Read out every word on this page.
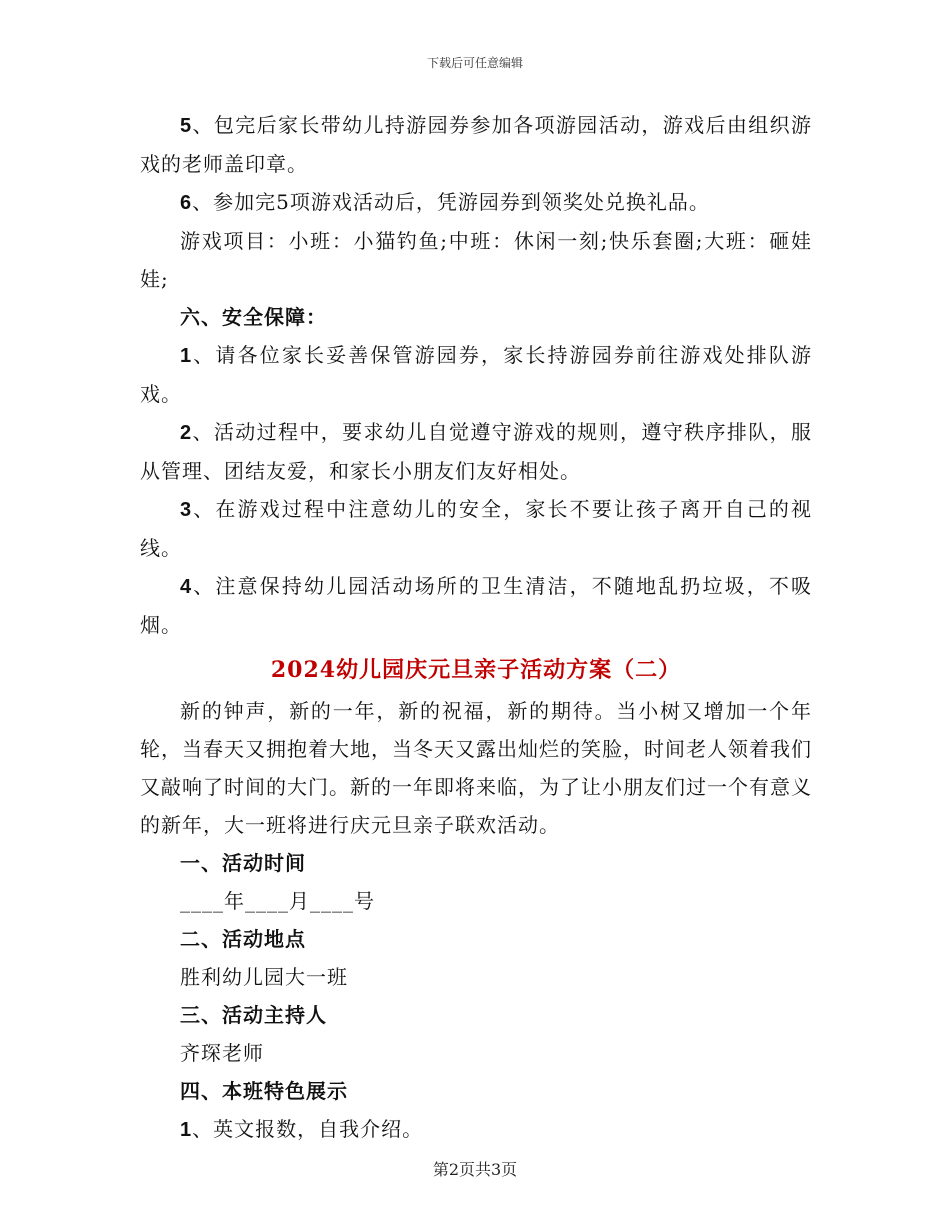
下载后可任意编辑

5、包完后家长带幼儿持游园券参加各项游园活动，游戏后由组织游戏的老师盖印章。

6、参加完5项游戏活动后，凭游园券到领奖处兑换礼品。

游戏项目：小班：小猫钓鱼;中班：休闲一刻;快乐套圈;大班：砸娃娃;

六、安全保障：

1、请各位家长妥善保管游园券，家长持游园券前往游戏处排队游戏。

2、活动过程中，要求幼儿自觉遵守游戏的规则，遵守秩序排队，服从管理、团结友爱，和家长小朋友们友好相处。

3、在游戏过程中注意幼儿的安全，家长不要让孩子离开自己的视线。

4、注意保持幼儿园活动场所的卫生清洁，不随地乱扔垃圾，不吸烟。

2024幼儿园庆元旦亲子活动方案（二）

新的钟声，新的一年，新的祝福，新的期待。当小树又增加一个年轮，当春天又拥抱着大地，当冬天又露出灿烂的笑脸，时间老人领着我们又敲响了时间的大门。新的一年即将来临，为了让小朋友们过一个有意义的新年，大一班将进行庆元旦亲子联欢活动。

一、活动时间

____年____月____号

二、活动地点

胜利幼儿园大一班

三、活动主持人

齐琛老师

四、本班特色展示

1、英文报数，自我介绍。

第2页共3页
